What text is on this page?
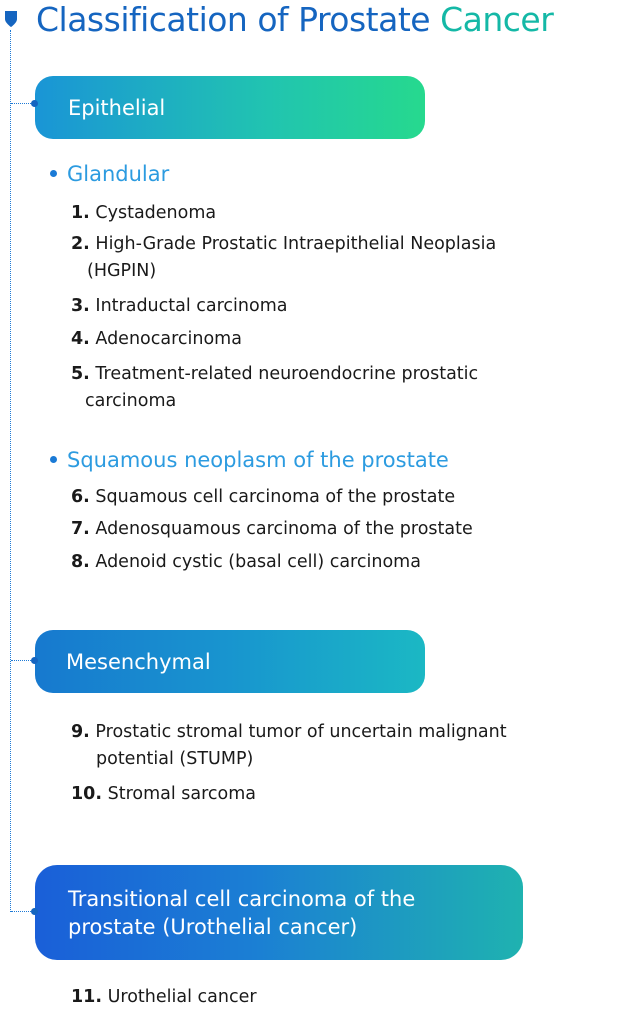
Classification of Prostate Cancer
Epithelial
Glandular
1. Cystadenoma
2. High-Grade Prostatic Intraepithelial Neoplasia
(HGPIN)
3. Intraductal carcinoma
4. Adenocarcinoma
5. Treatment-related neuroendocrine prostatic
carcinoma
Squamous neoplasm of the prostate
6. Squamous cell carcinoma of the prostate
7. Adenosquamous carcinoma of the prostate
8. Adenoid cystic (basal cell) carcinoma
Mesenchymal
9. Prostatic stromal tumor of uncertain malignant
potential (STUMP)
10. Stromal sarcoma
Transitional cell carcinoma of the
prostate (Urothelial cancer)
11. Urothelial cancer
